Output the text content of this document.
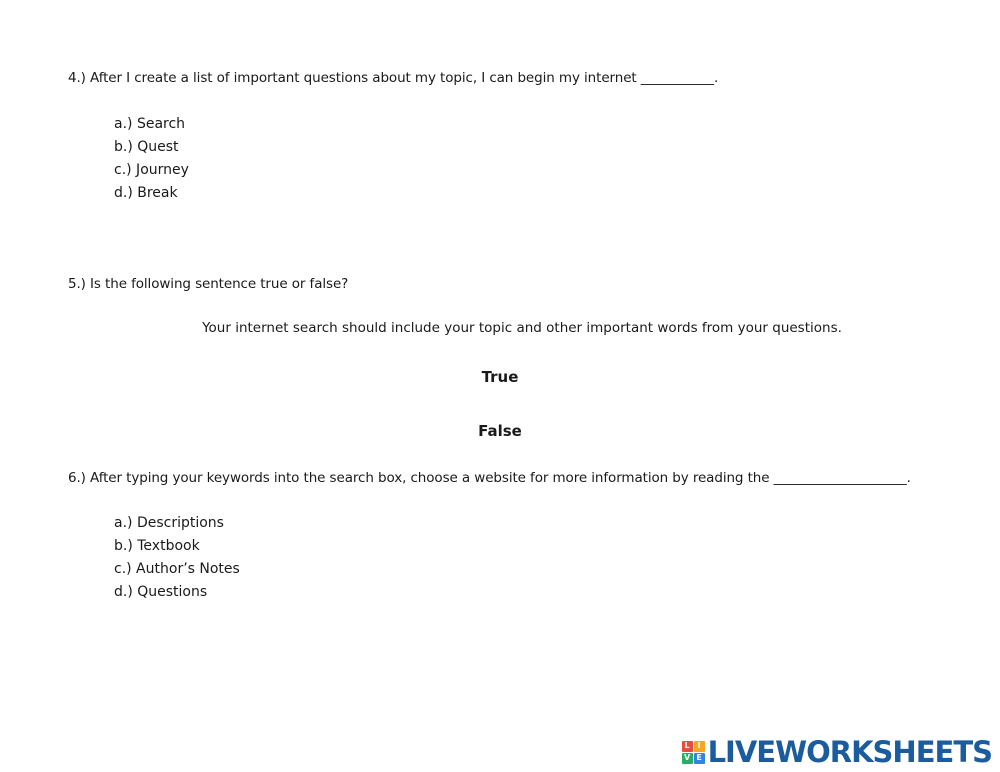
4.) After I create a list of important questions about my topic, I can begin my internet ___________.
a.) Search
b.) Quest
c.) Journey
d.) Break
5.) Is the following sentence true or false?
Your internet search should include your topic and other important words from your questions.
True
False
6.) After typing your keywords into the search box, choose a website for more information by reading the ____________________.
a.) Descriptions
b.) Textbook
c.) Author’s Notes
d.) Questions
L I
V E LIVEWORKSHEETS
